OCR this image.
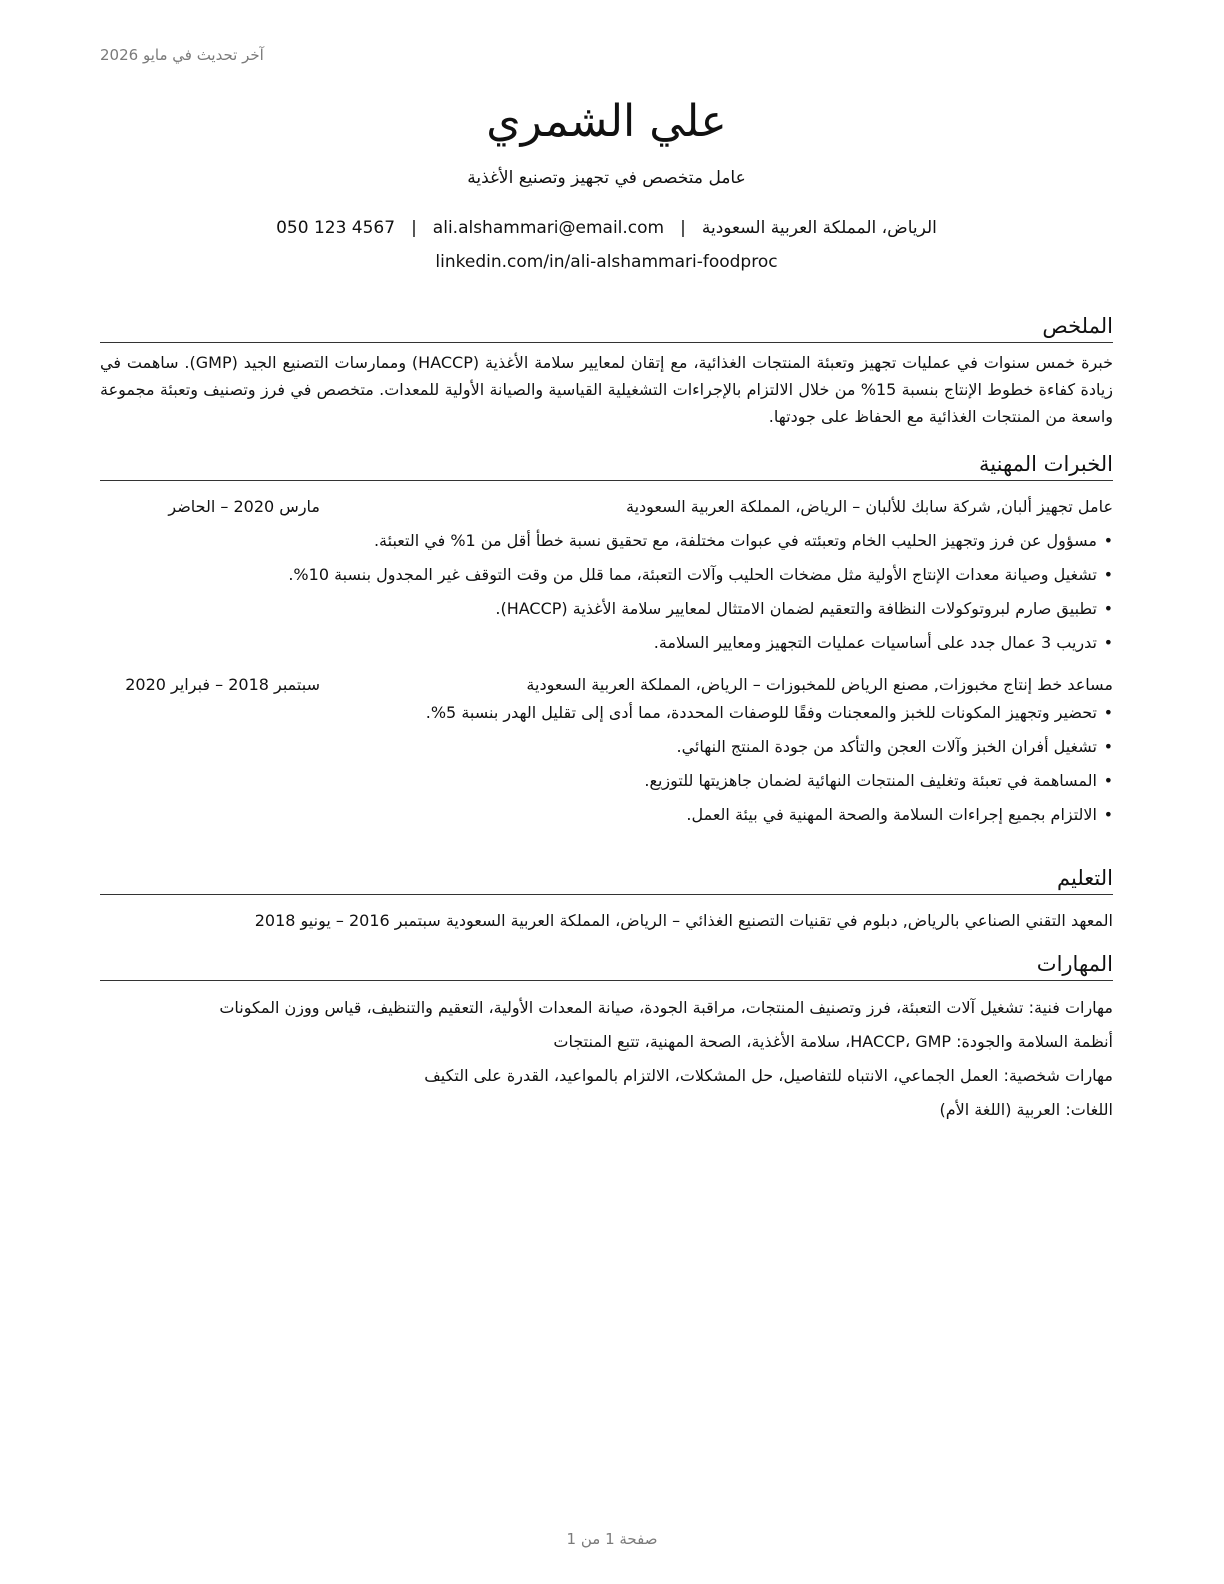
آخر تحديث في مايو 2026
علي الشمري
عامل متخصص في تجهيز وتصنيع الأغذية
الرياض، المملكة العربية السعودية|ali.alshammari@email.com|050 123 4567
linkedin.com/in/ali-alshammari-foodproc
الملخص
خبرة خمس سنوات في عمليات تجهيز وتعبئة المنتجات الغذائية، مع إتقان لمعايير سلامة الأغذية (HACCP) وممارسات التصنيع الجيد (GMP). ساهمت في زيادة كفاءة خطوط الإنتاج بنسبة 15% من خلال الالتزام بالإجراءات التشغيلية القياسية والصيانة الأولية للمعدات. متخصص في فرز وتصنيف وتعبئة مجموعة واسعة من المنتجات الغذائية مع الحفاظ على جودتها.
الخبرات المهنية
عامل تجهيز ألبان, شركة سابك للألبان – الرياض، المملكة العربية السعودية
مارس 2020 – الحاضر
•
مسؤول عن فرز وتجهيز الحليب الخام وتعبئته في عبوات مختلفة، مع تحقيق نسبة خطأ أقل من 1% في التعبئة.
•
تشغيل وصيانة معدات الإنتاج الأولية مثل مضخات الحليب وآلات التعبئة، مما قلل من وقت التوقف غير المجدول بنسبة 10%.
•
تطبيق صارم لبروتوكولات النظافة والتعقيم لضمان الامتثال لمعايير سلامة الأغذية (HACCP).
•
تدريب 3 عمال جدد على أساسيات عمليات التجهيز ومعايير السلامة.
مساعد خط إنتاج مخبوزات, مصنع الرياض للمخبوزات – الرياض، المملكة العربية السعودية
سبتمبر 2018 – فبراير 2020
•
تحضير وتجهيز المكونات للخبز والمعجنات وفقًا للوصفات المحددة، مما أدى إلى تقليل الهدر بنسبة 5%.
•
تشغيل أفران الخبز وآلات العجن والتأكد من جودة المنتج النهائي.
•
المساهمة في تعبئة وتغليف المنتجات النهائية لضمان جاهزيتها للتوزيع.
•
الالتزام بجميع إجراءات السلامة والصحة المهنية في بيئة العمل.
التعليم
المعهد التقني الصناعي بالرياض, دبلوم في تقنيات التصنيع الغذائي – الرياض، المملكة العربية السعودية سبتمبر 2016 – يونيو 2018
المهارات
مهارات فنية: تشغيل آلات التعبئة، فرز وتصنيف المنتجات، مراقبة الجودة، صيانة المعدات الأولية، التعقيم والتنظيف، قياس ووزن المكونات
أنظمة السلامة والجودة: HACCP، GMP، سلامة الأغذية، الصحة المهنية، تتبع المنتجات
مهارات شخصية: العمل الجماعي، الانتباه للتفاصيل، حل المشكلات، الالتزام بالمواعيد، القدرة على التكيف
اللغات: العربية (اللغة الأم)
صفحة 1 من 1
